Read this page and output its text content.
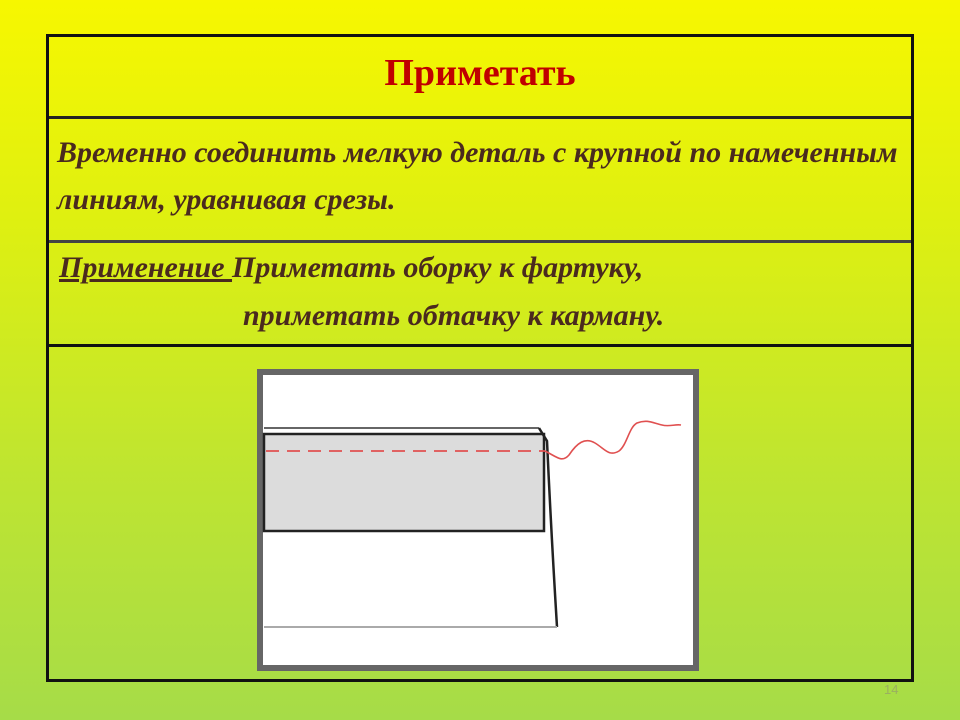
Приметать
Временно соединить мелкую деталь с крупной по намеченным линиям, уравнивая срезы.
Применение Приметать оборку к фартуку,
приметать обтачку к карману.
14
